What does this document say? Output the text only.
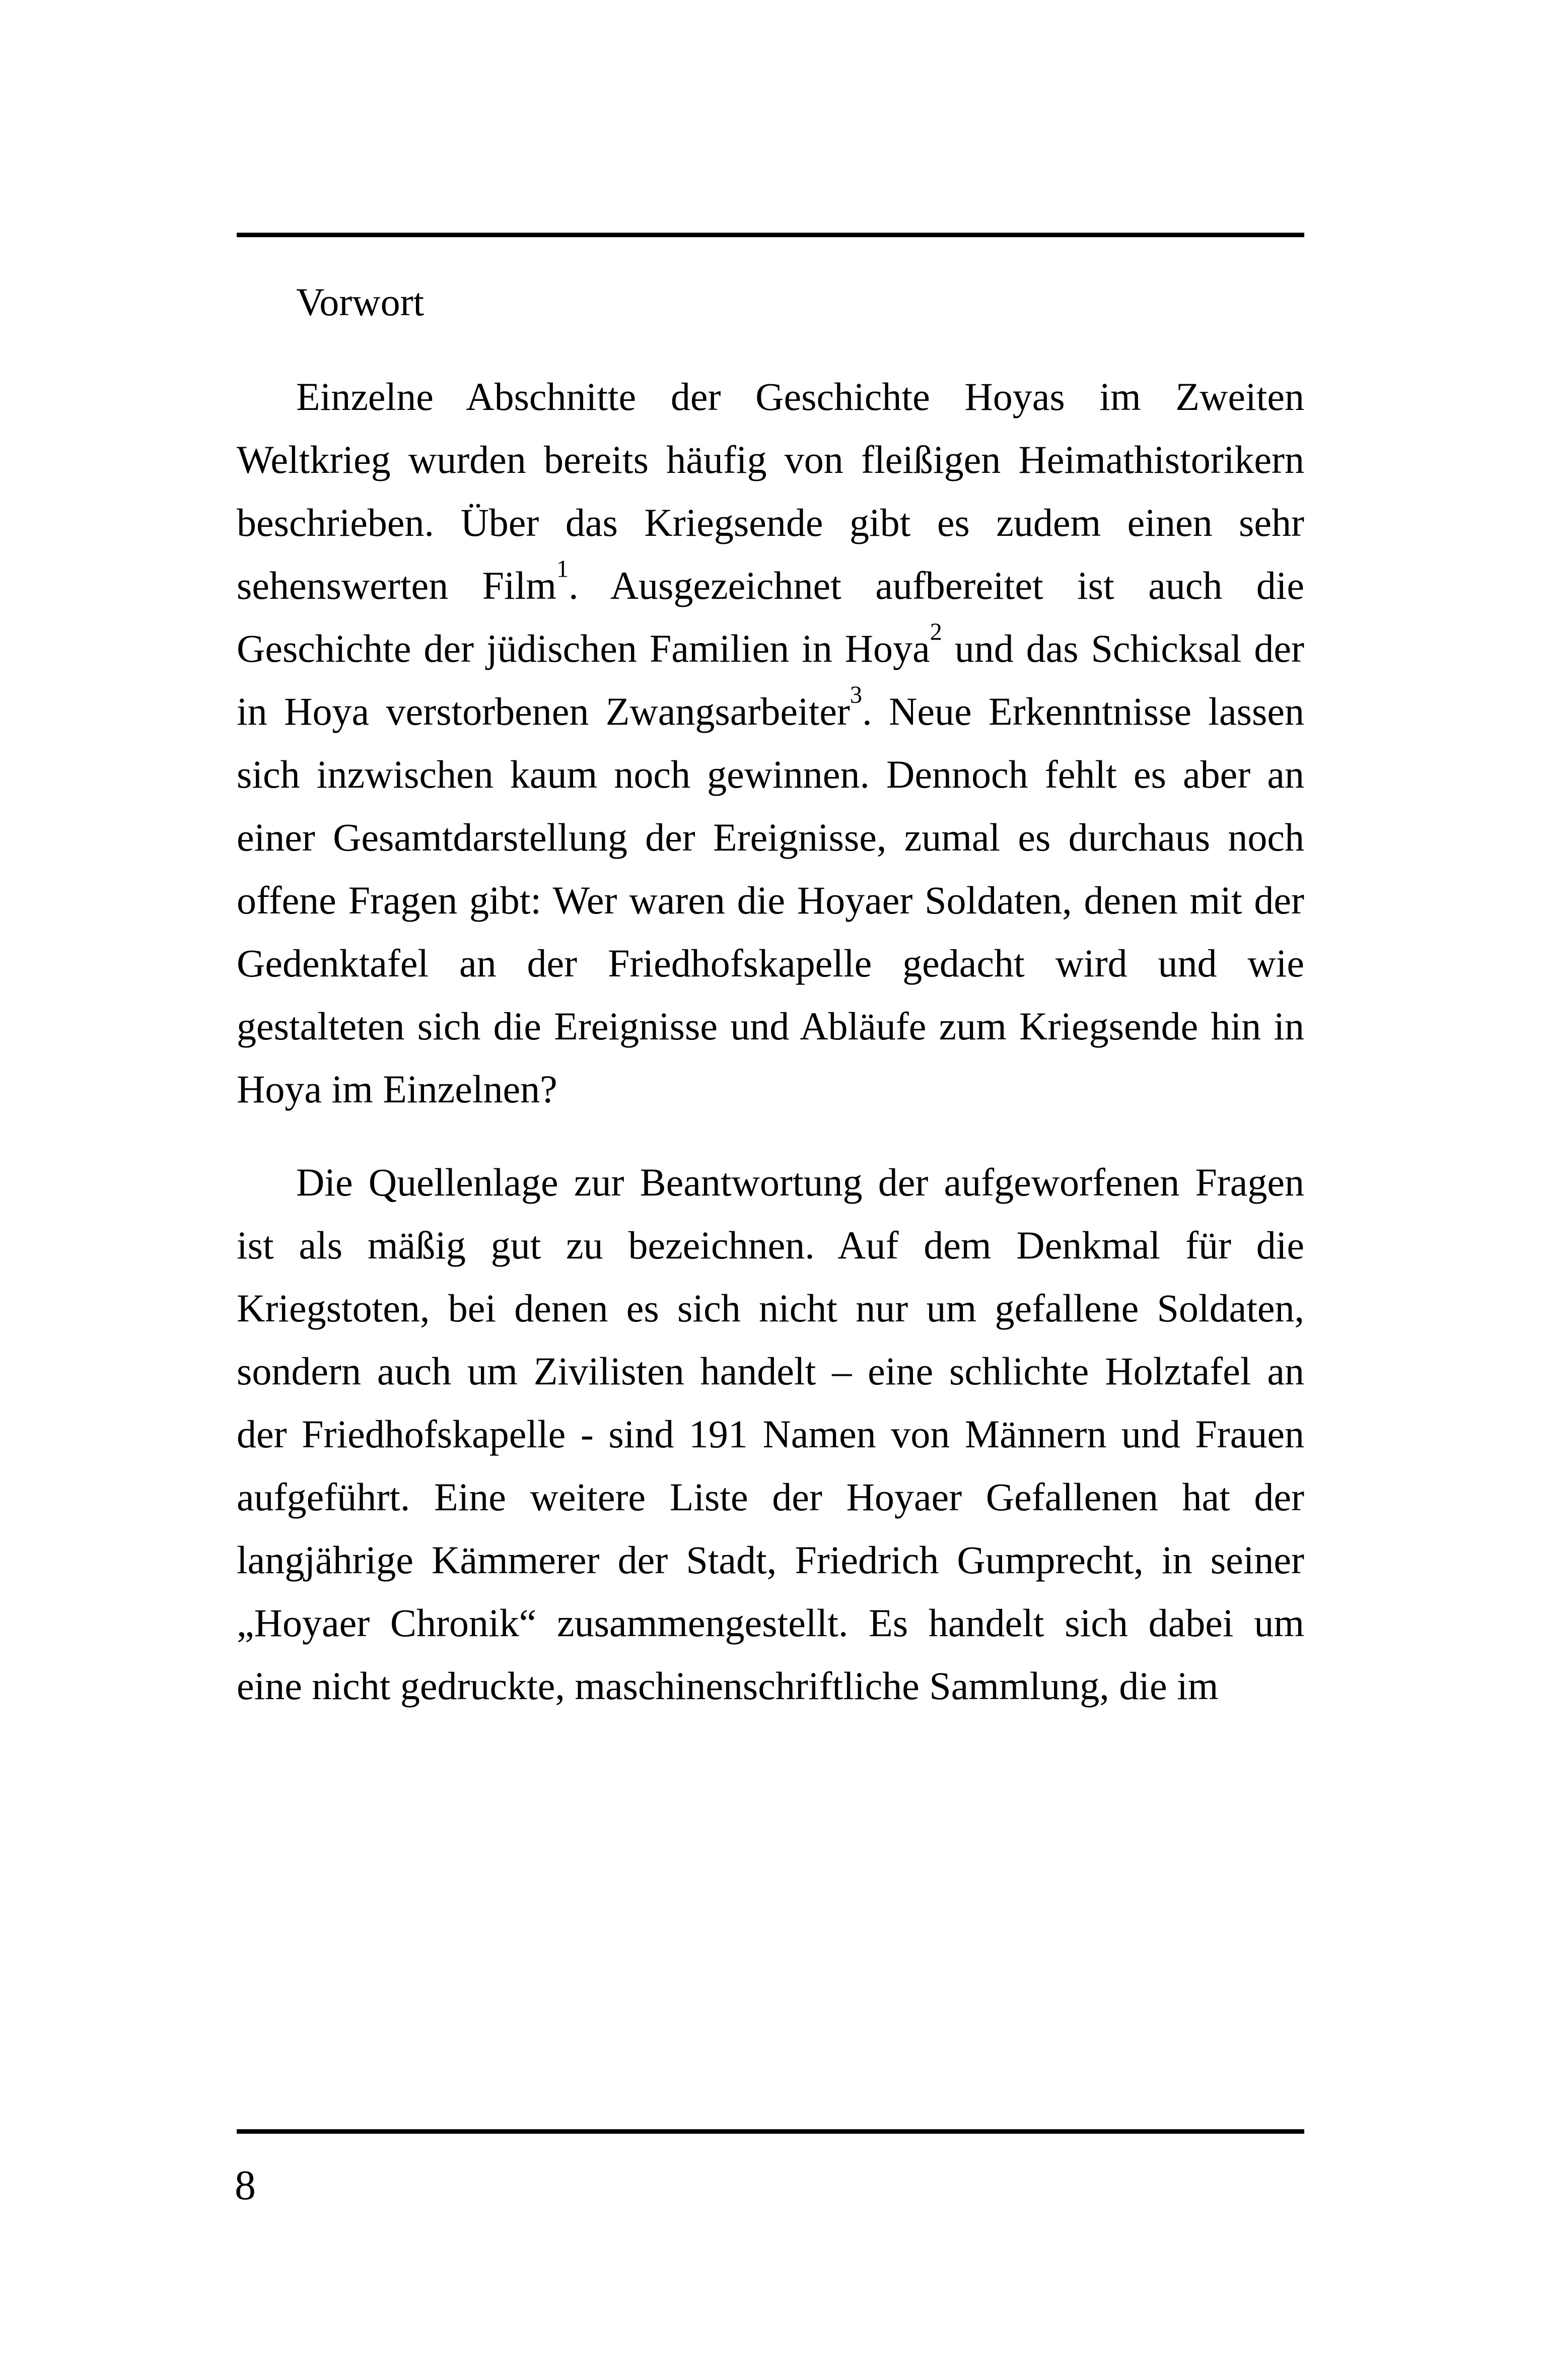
Vorwort

Einzelne Abschnitte der Geschichte Hoyas im Zweiten Weltkrieg wurden bereits häufig von fleißigen Heimathistorikern beschrieben. Über das Kriegsende gibt es zudem einen sehr sehenswerten Film$^1$. Ausgezeichnet aufbereitet ist auch die Geschichte der jüdischen Familien in Hoya$^2$ und das Schicksal der in Hoya verstorbenen Zwangsarbeiter$^3$. Neue Erkenntnisse lassen sich inzwischen kaum noch gewinnen. Dennoch fehlt es aber an einer Gesamtdarstellung der Ereignisse, zumal es durchaus noch offene Fragen gibt: Wer waren die Hoyaer Soldaten, denen mit der Gedenktafel an der Friedhofskapelle gedacht wird und wie gestalteten sich die Ereignisse und Abläufe zum Kriegsende hin in Hoya im Einzelnen?

Die Quellenlage zur Beantwortung der aufgeworfenen Fragen ist als mäßig gut zu bezeichnen. Auf dem Denkmal für die Kriegstoten, bei denen es sich nicht nur um gefallene Soldaten, sondern auch um Zivilisten handelt – eine schlichte Holztafel an der Friedhofskapelle - sind 191 Namen von Männern und Frauen aufgeführt. Eine weitere Liste der Hoyaer Gefallenen hat der langjährige Kämmerer der Stadt, Friedrich Gumprecht, in seiner „Hoyaer Chronik“ zusammengestellt. Es handelt sich dabei um eine nicht gedruckte, maschinenschriftliche Sammlung, die im

8
